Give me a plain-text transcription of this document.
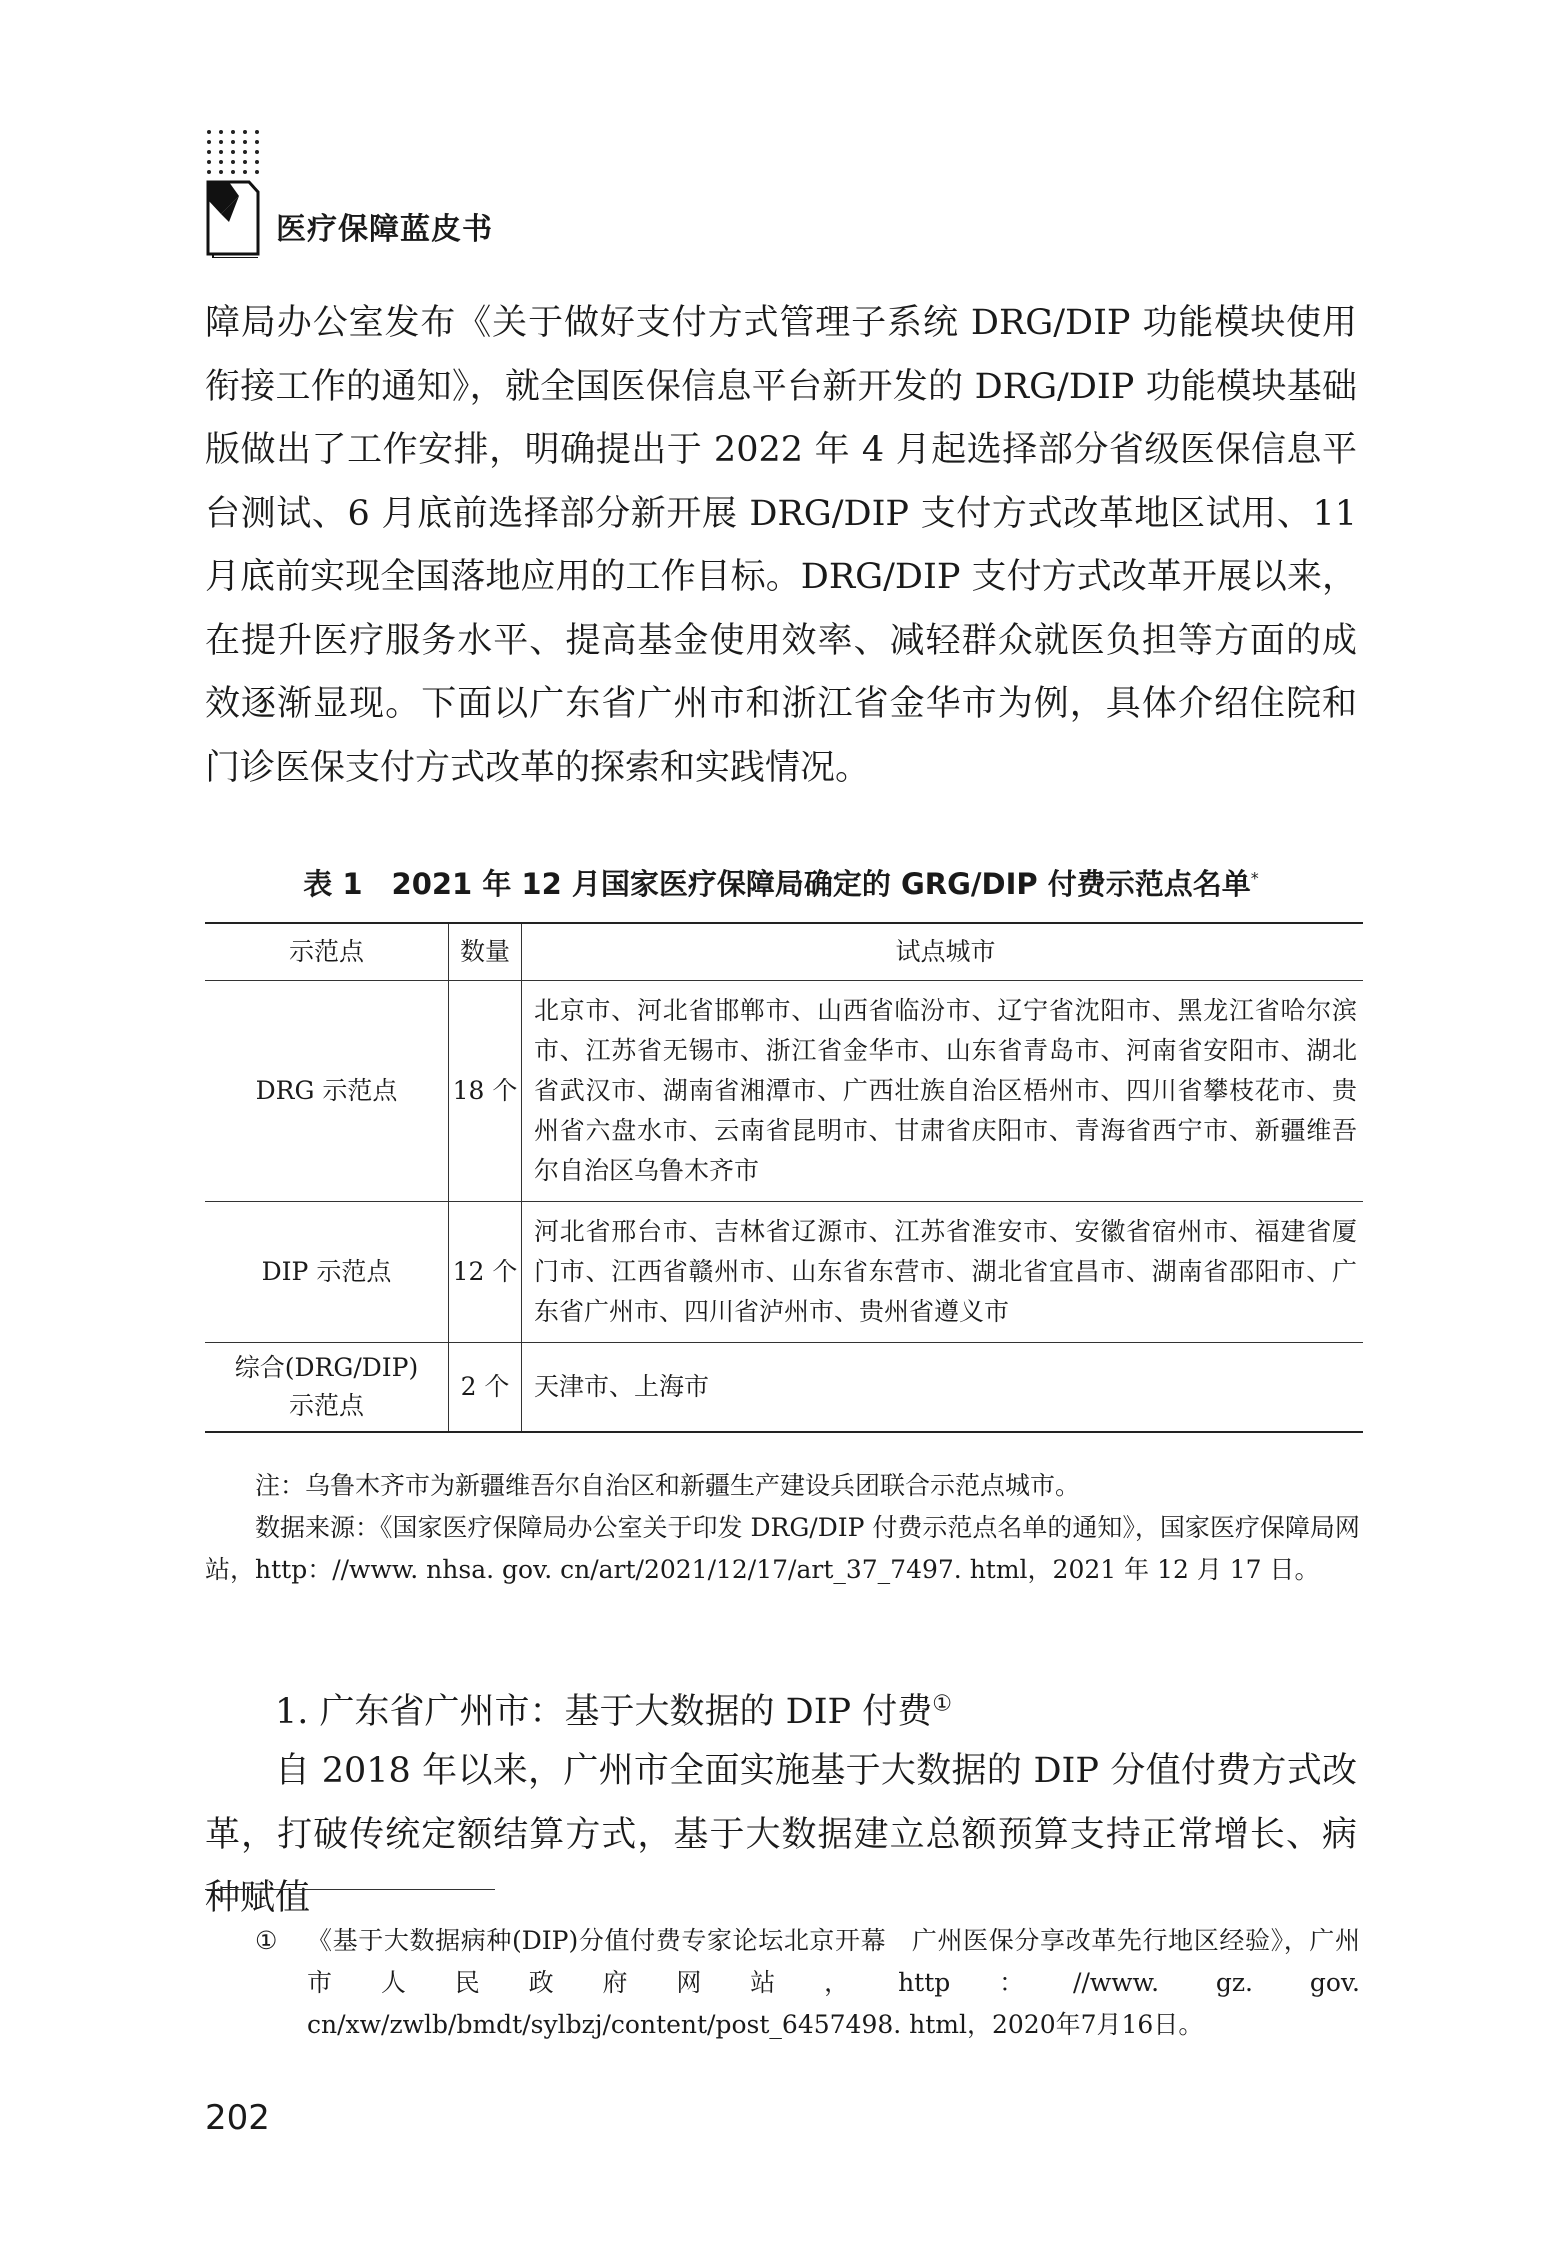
医疗保障蓝皮书

障局办公室发布《关于做好支付方式管理子系统 DRG/DIP 功能模块使用衔接工作的通知》，就全国医保信息平台新开发的 DRG/DIP 功能模块基础版做出了工作安排，明确提出于 2022 年 4 月起选择部分省级医保信息平台测试、6 月底前选择部分新开展 DRG/DIP 支付方式改革地区试用、11 月底前实现全国落地应用的工作目标。DRG/DIP 支付方式改革开展以来，在提升医疗服务水平、提高基金使用效率、减轻群众就医负担等方面的成效逐渐显现。下面以广东省广州市和浙江省金华市为例，具体介绍住院和门诊医保支付方式改革的探索和实践情况。

表 1　2021 年 12 月国家医疗保障局确定的 GRG/DIP 付费示范点名单*
示范点	数量	试点城市
DRG 示范点	18 个	北京市、河北省邯郸市、山西省临汾市、辽宁省沈阳市、黑龙江省哈尔滨市、江苏省无锡市、浙江省金华市、山东省青岛市、河南省安阳市、湖北省武汉市、湖南省湘潭市、广西壮族自治区梧州市、四川省攀枝花市、贵州省六盘水市、云南省昆明市、甘肃省庆阳市、青海省西宁市、新疆维吾尔自治区乌鲁木齐市
DIP 示范点	12 个	河北省邢台市、吉林省辽源市、江苏省淮安市、安徽省宿州市、福建省厦门市、江西省赣州市、山东省东营市、湖北省宜昌市、湖南省邵阳市、广东省广州市、四川省泸州市、贵州省遵义市

综合(DRG/DIP)
示范点	2 个	天津市、上海市
注：乌鲁木齐市为新疆维吾尔自治区和新疆生产建设兵团联合示范点城市。
数据来源：《国家医疗保障局办公室关于印发 DRG/DIP 付费示范点名单的通知》，国家医疗保障局网站，http：//www. nhsa. gov. cn/art/2021/12/17/art_37_7497. html，2021 年 12 月 17 日。
1. 广东省广州市：基于大数据的 DIP 付费①

自 2018 年以来，广州市全面实施基于大数据的 DIP 分值付费方式改革，打破传统定额结算方式，基于大数据建立总额预算支持正常增长、病种赋值

① 《基于大数据病种(DIP)分值付费专家论坛北京开幕　广州医保分享改革先行地区经验》，广州市人民政府网站，http：//www. gz. gov. cn/xw/zwlb/bmdt/sylbzj/content/post_6457498. html，2020年7月16日。
202
